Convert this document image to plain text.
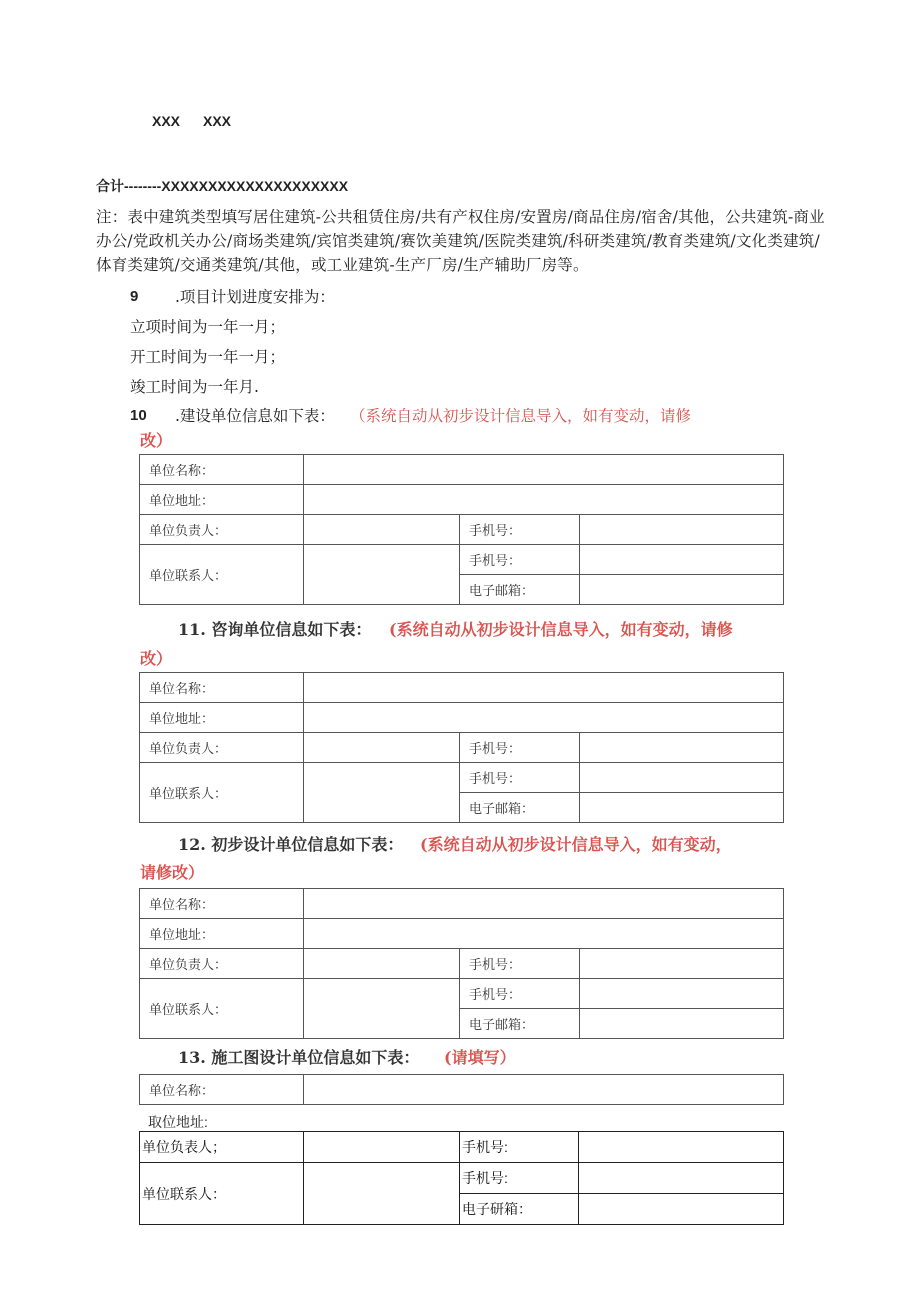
XXX XXX
合计--------XXXXXXXXXXXXXXXXXXXX
注：表中建筑类型填写居住建筑-公共租赁住房/共有产权住房/安置房/商品住房/宿舍/其他，公共建筑-商业办公/党政机关办公/商场类建筑/宾馆类建筑/赛饮美建筑/医院类建筑/科研类建筑/教育类建筑/文化类建筑/体育类建筑/交通类建筑/其他，或工业建筑-生产厂房/生产辅助厂房等。
9 .项目计划进度安排为：
立项时间为一年一月；
开工时间为一年一月；
竣工时间为一年月.
10 .建设单位信息如下表： （系统自动从初步设计信息导入，如有变动，请修
改）
单位名称：			
单位地址：			
单位负责人：		手机号：	
单位联系人：		手机号：	
		电子邮箱：	
11. 咨询单位信息如下表： (系统自动从初步设计信息导入，如有变动，请修
改）
单位名称：			
单位地址：			
单位负责人：		手机号：	
单位联系人：		手机号：	
		电子邮箱：	
12. 初步设计单位信息如下表： (系统自动从初步设计信息导入，如有变动，
请修改）
单位名称：			
单位地址：			
单位负责人：		手机号：	
单位联系人：		手机号：	
		电子邮箱：	
13. 施工图设计单位信息如下表： (请填写）
单位名称：	
取位地址:
单位负表人；		手机号:	
单位联系人：		手机号:	
		电子研箱：	
